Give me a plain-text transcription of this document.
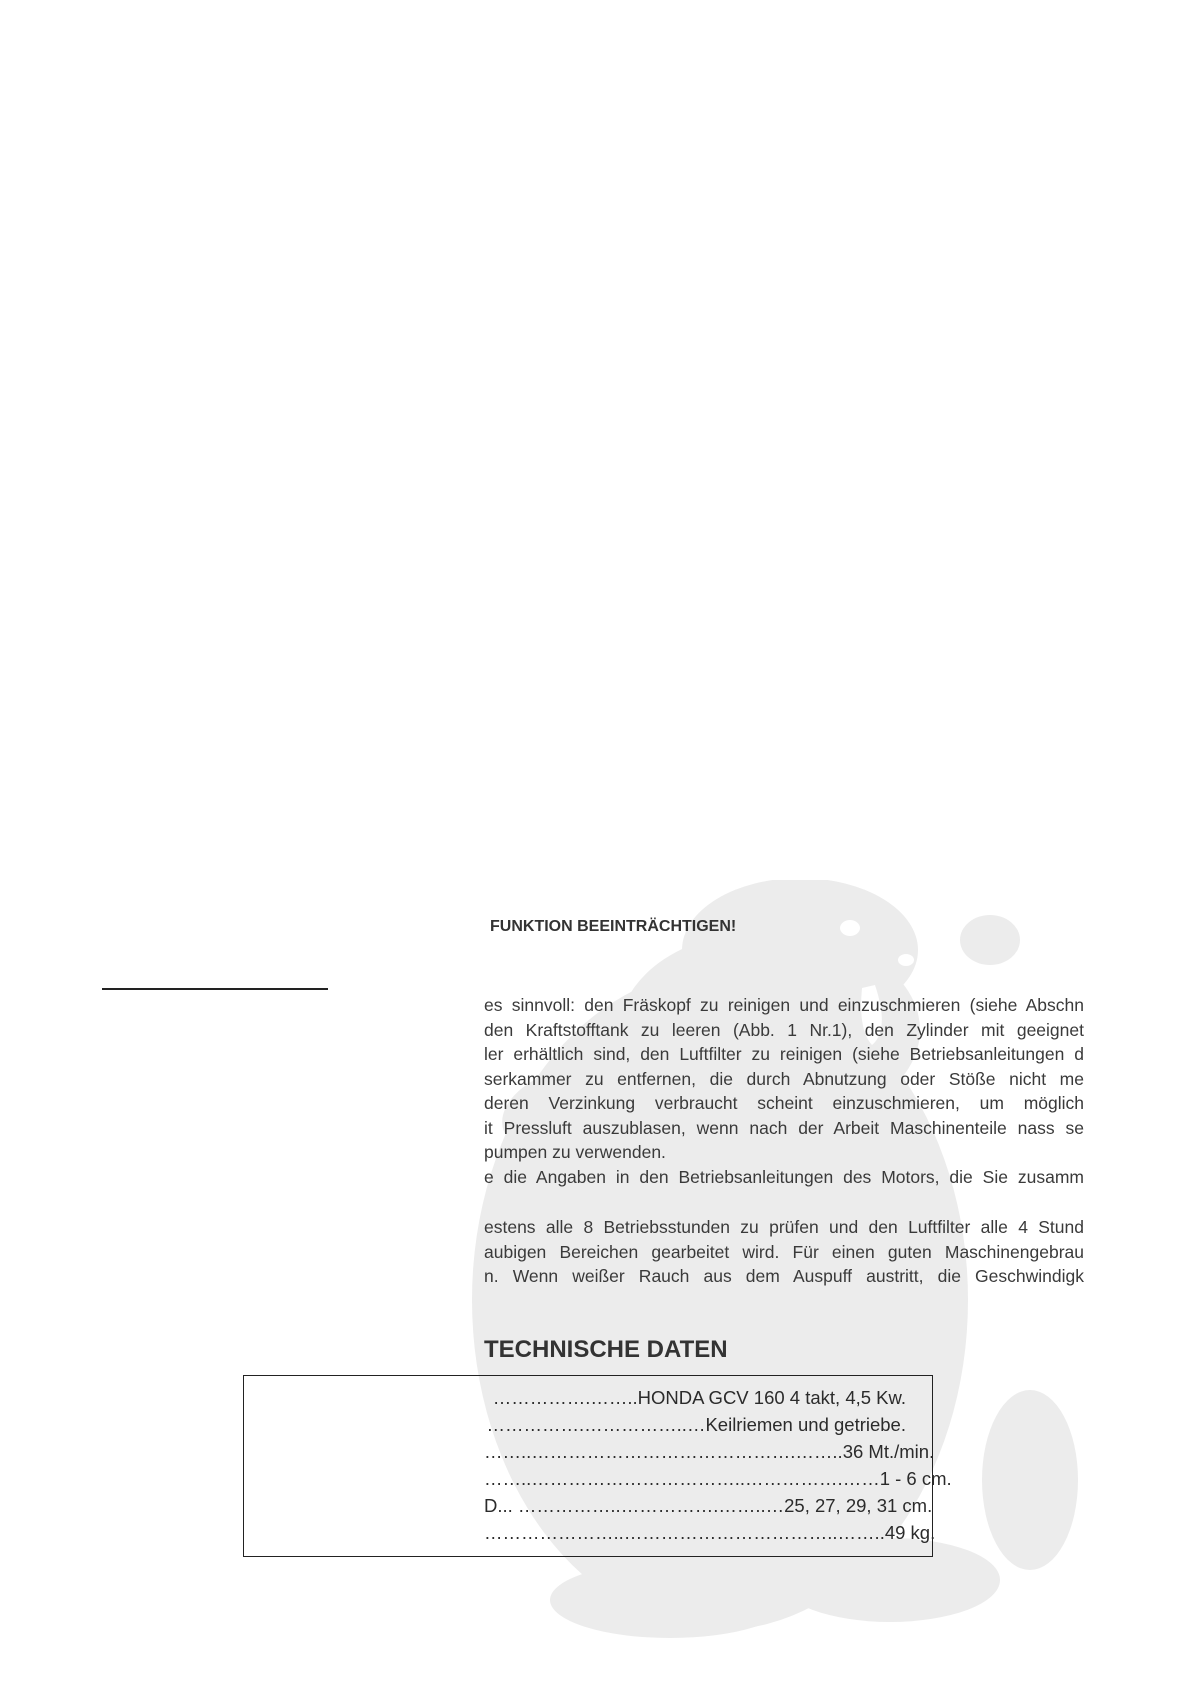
FUNKTION BEEINTRÄCHTIGEN!
es sinnvoll: den Fräskopf zu reinigen und einzuschmieren (siehe Abschn
den Kraftstofftank zu leeren (Abb. 1 Nr.1), den Zylinder mit geeignet
ler erhältlich sind, den Luftfilter zu reinigen (siehe Betriebsanleitungen d
serkammer zu entfernen, die durch Abnutzung oder Stöße nicht me
deren Verzinkung verbraucht scheint einzuschmieren, um möglich
it Pressluft auszublasen, wenn nach der Arbeit Maschinenteile nass se
pumpen zu verwenden.
e die Angaben in den Betriebsanleitungen des Motors, die Sie zusamm
estens alle 8 Betriebsstunden zu prüfen und den Luftfilter alle 4 Stund
aubigen Bereichen gearbeitet wird. Für einen guten Maschinengebrau
n. Wenn weißer Rauch aus dem Auspuff austritt, die Geschwindigk
TECHNISCHE DATEN
…………….……..HONDA GCV 160 4 takt, 4,5 Kw.
…………….……………..…Keilriemen und getriebe.
……..…………………………………….……..36 Mt./min.
……..……………………………..…………….……1 - 6 cm.
D... ……………..…………….……..…25, 27, 29, 31 cm.
…………………..……………………………..……..49 kg.
